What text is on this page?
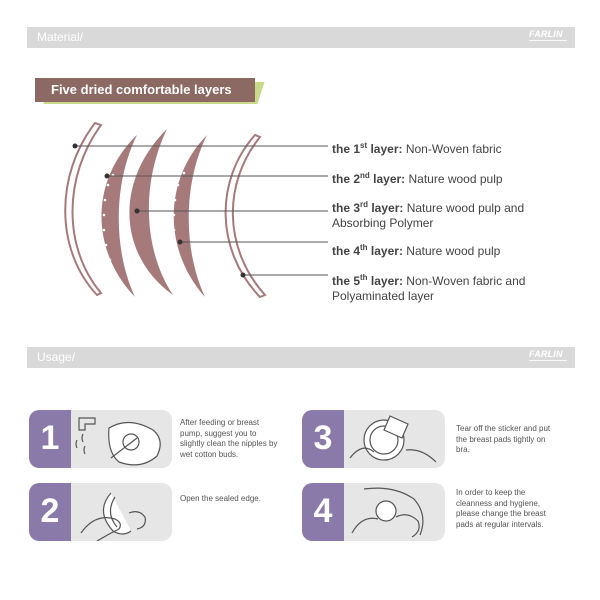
Material/	FARLIN
Five dried comfortable layers
the 1st layer: Non-Woven fabric
the 2nd layer: Nature wood pulp
the 3rd layer: Nature wood pulp and
Absorbing Polymer
the 4th layer: Nature wood pulp
the 5th layer: Non-Woven fabric and
Polyaminated layer
Usage/	FARLIN
1	After feeding or breast
pump, suggest you to
slightly clean the nipples by
wet cotton buds.
2	Open the sealed edge.
3	Tear off the sticker and put
the breast pads tightly on
bra.
4	In order to keep the
cleanness and hygiene,
please change the breast
pads at regular intervals.
